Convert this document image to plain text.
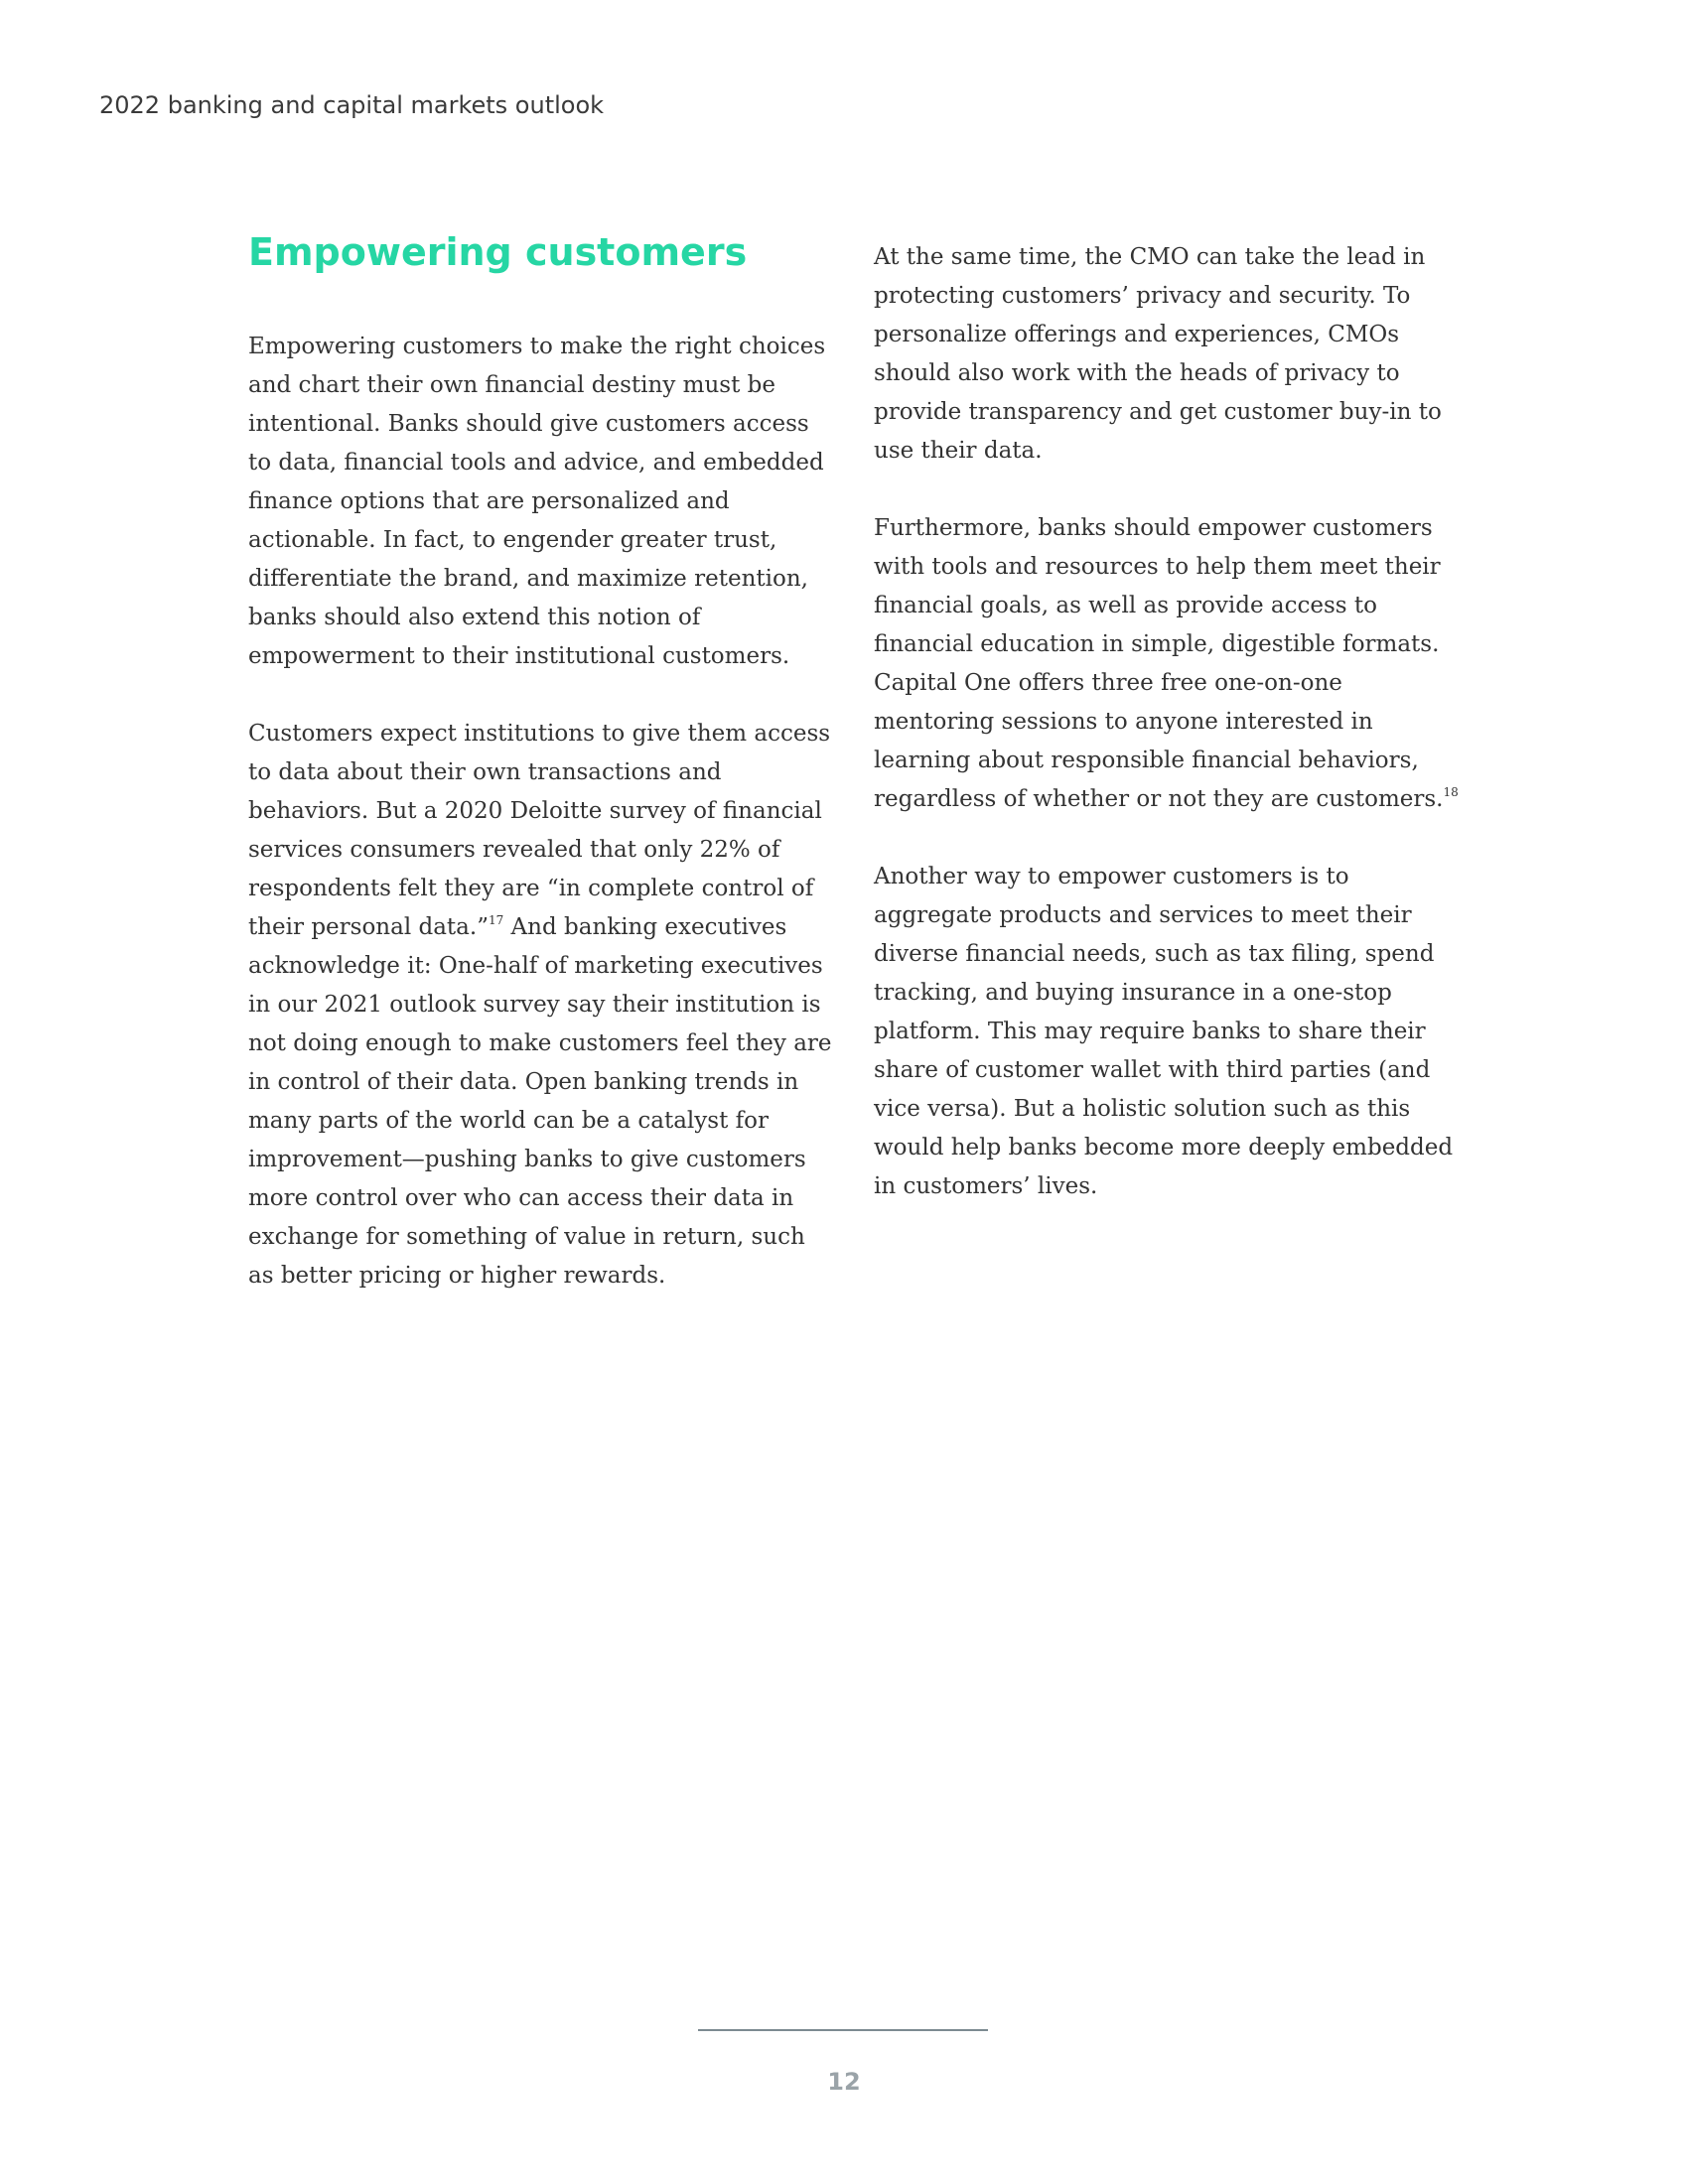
2022 banking and capital markets outlook
Empowering customers

Empowering customers to make the right choices and chart their own financial destiny must be intentional. Banks should give customers access to data, financial tools and advice, and embedded finance options that are personalized and actionable. In fact, to engender greater trust, differentiate the brand, and maximize retention, banks should also extend this notion of empowerment to their institutional customers.

Customers expect institutions to give them access to data about their own transactions and behaviors. But a 2020 Deloitte survey of financial services consumers revealed that only 22% of respondents felt they are “in complete control of their personal data.”$^{17}$ And banking executives acknowledge it: One-half of marketing executives in our 2021 outlook survey say their institution is not doing enough to make customers feel they are in control of their data. Open banking trends in many parts of the world can be a catalyst for improvement—pushing banks to give customers more control over who can access their data in exchange for something of value in return, such as better pricing or higher rewards.

At the same time, the CMO can take the lead in protecting customers’ privacy and security. To personalize offerings and experiences, CMOs should also work with the heads of privacy to provide transparency and get customer buy-in to use their data.

Furthermore, banks should empower customers with tools and resources to help them meet their financial goals, as well as provide access to financial education in simple, digestible formats. Capital One offers three free one-on-one mentoring sessions to anyone interested in learning about responsible financial behaviors, regardless of whether or not they are customers.$^{18}$

Another way to empower customers is to aggregate products and services to meet their diverse financial needs, such as tax filing, spend tracking, and buying insurance in a one-stop platform. This may require banks to share their share of customer wallet with third parties (and vice versa). But a holistic solution such as this would help banks become more deeply embedded in customers’ lives.

12
